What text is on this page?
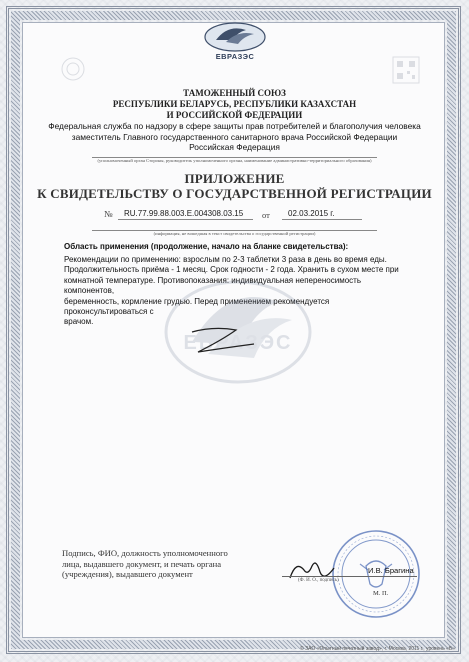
ЕВРАЗЭС
ТАМОЖЕННЫЙ СОЮЗ
РЕСПУБЛИКИ БЕЛАРУСЬ, РЕСПУБЛИКИ КАЗАХСТАН
И РОССИЙСКОЙ ФЕДЕРАЦИИ
Федеральная служба по надзору в сфере защиты прав потребителей и благополучия человека
заместитель Главного государственного санитарного врача Российской Федерации
Российская Федерация
(уполномоченный орган Стороны, руководитель уполномоченного органа, наименование административно-территориального образования)
ПРИЛОЖЕНИЕ
К СВИДЕТЕЛЬСТВУ О ГОСУДАРСТВЕННОЙ РЕГИСТРАЦИИ
№ RU.77.99.88.003.E.004308.03.15 от 02.03.2015 г.
(информация, не вошедшая в текст свидетельства о государственной регистрации)
Область применения (продолжение, начало на бланке свидетельства):
Рекомендации по применению: взрослым по 2-3 таблетки 3 раза в день во время еды.
Продолжительность приёма - 1 месяц. Срок годности - 2 года. Хранить в сухом месте при
комнатной температуре. Противопоказания: индивидуальная непереносимость компонентов,
беременность, кормление грудью. Перед применением рекомендуется проконсультироваться с
врачом.
ЕВРАЗЭС
Подпись, ФИО, должность уполномоченного
лица, выдавшего документ, и печать органа
(учреждения), выдавшего документ	И.В. Брагина
(Ф. И. О., подпись)
М. П.
© ЗАО «Опытный печатный завод», г. Москва, 2011 г., уровень «Б»
